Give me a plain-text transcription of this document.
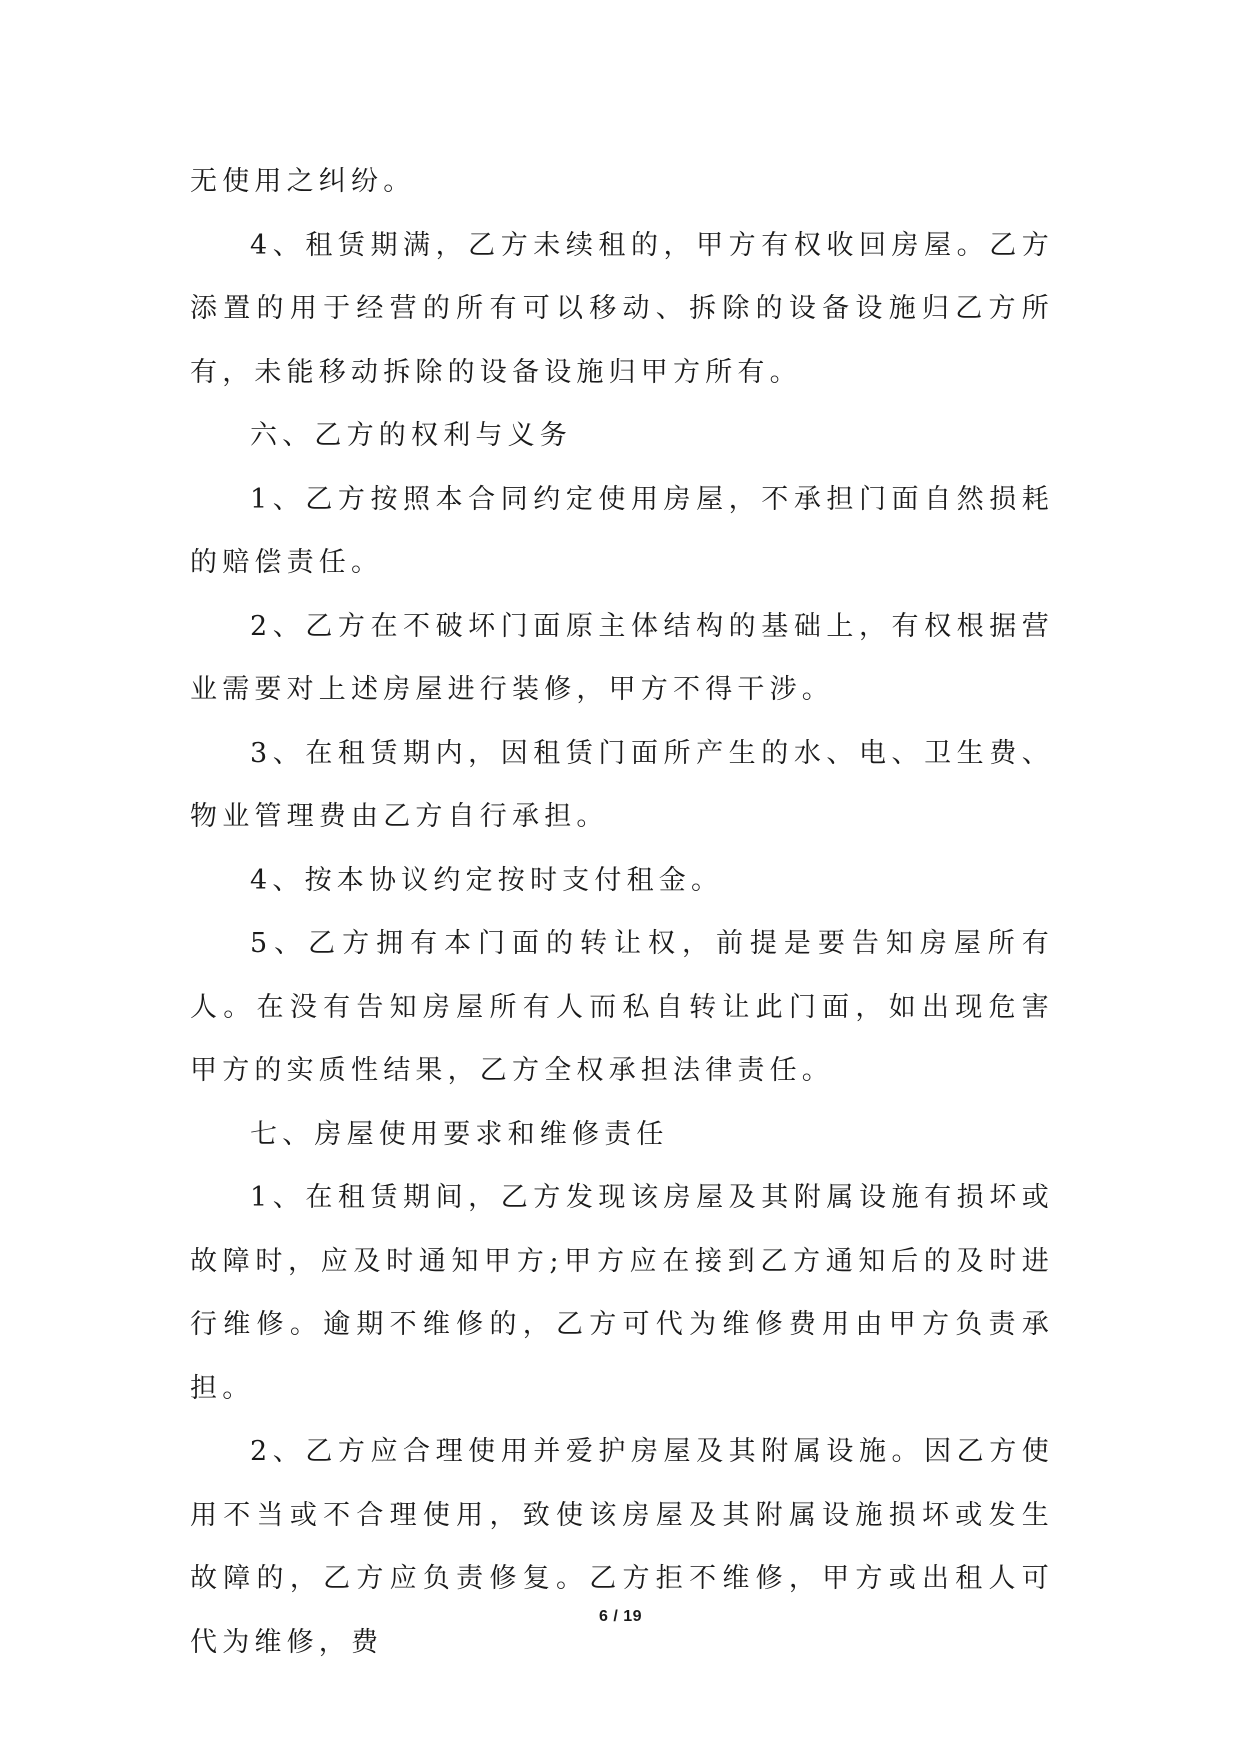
无使用之纠纷。

4、租赁期满，乙方未续租的，甲方有权收回房屋。乙方添置的用于经营的所有可以移动、拆除的设备设施归乙方所有，未能移动拆除的设备设施归甲方所有。

六、乙方的权利与义务

1、乙方按照本合同约定使用房屋，不承担门面自然损耗的赔偿责任。

2、乙方在不破坏门面原主体结构的基础上，有权根据营业需要对上述房屋进行装修，甲方不得干涉。

3、在租赁期内，因租赁门面所产生的水、电、卫生费、物业管理费由乙方自行承担。

4、按本协议约定按时支付租金。

5、乙方拥有本门面的转让权，前提是要告知房屋所有人。在没有告知房屋所有人而私自转让此门面，如出现危害甲方的实质性结果，乙方全权承担法律责任。

七、房屋使用要求和维修责任

1、在租赁期间，乙方发现该房屋及其附属设施有损坏或故障时，应及时通知甲方;甲方应在接到乙方通知后的及时进行维修。逾期不维修的，乙方可代为维修费用由甲方负责承担。

2、乙方应合理使用并爱护房屋及其附属设施。因乙方使用不当或不合理使用，致使该房屋及其附属设施损坏或发生故障的，乙方应负责修复。乙方拒不维修，甲方或出租人可代为维修，费

6 / 19
